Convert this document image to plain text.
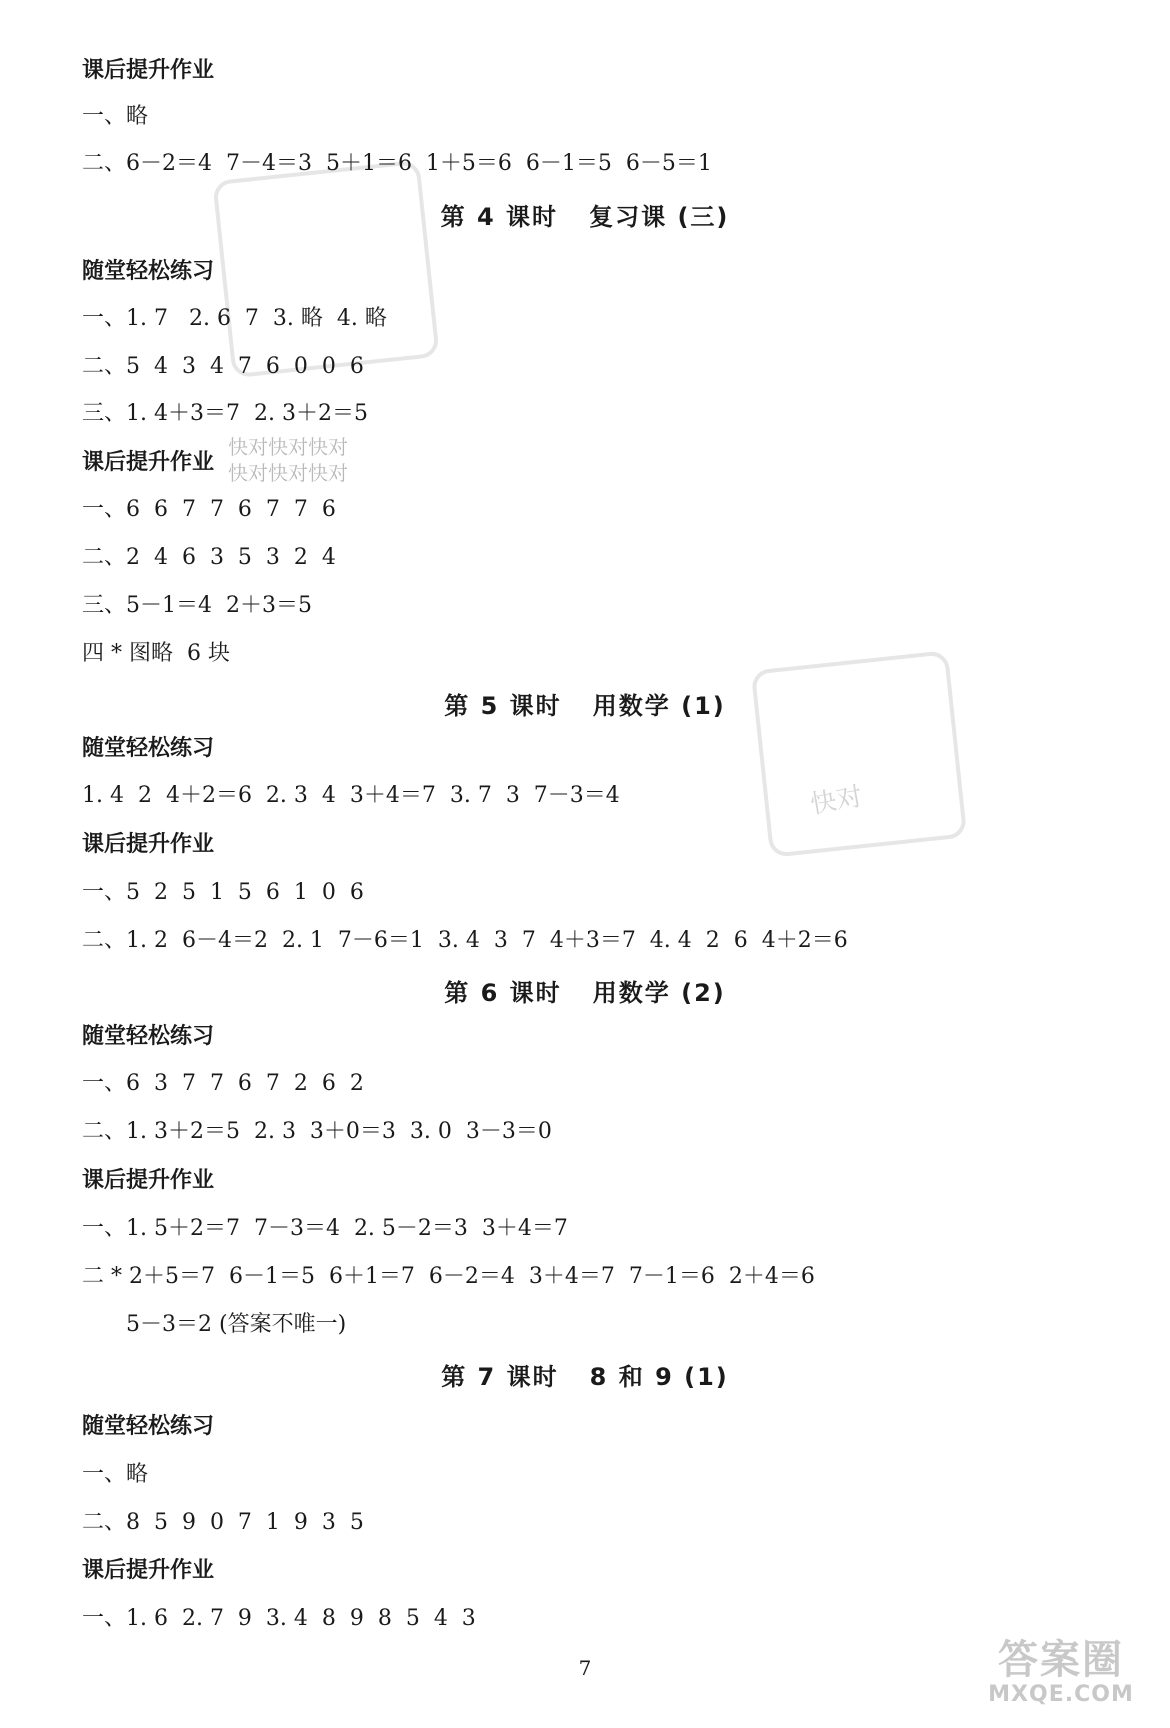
快对
快对快对快对
快对快对快对
课后提升作业
一、略
二、6－2＝4  7－4＝3  5＋1＝6  1＋5＝6  6－1＝5  6－5＝1
第 4 课时   复习课 (三)
随堂轻松练习
一、1. 7   2. 6  7  3. 略  4. 略
二、5  4  3  4  7  6  0  0  6
三、1. 4＋3＝7  2. 3＋2＝5
课后提升作业
一、6  6  7  7  6  7  7  6
二、2  4  6  3  5  3  2  4
三、5－1＝4  2＋3＝5
四 * 图略  6 块
第 5 课时   用数学 (1)
随堂轻松练习
1. 4  2  4＋2＝6  2. 3  4  3＋4＝7  3. 7  3  7－3＝4
课后提升作业
一、5  2  5  1  5  6  1  0  6
二、1. 2  6－4＝2  2. 1  7－6＝1  3. 4  3  7  4＋3＝7  4. 4  2  6  4＋2＝6
第 6 课时   用数学 (2)
随堂轻松练习
一、6  3  7  7  6  7  2  6  2
二、1. 3＋2＝5  2. 3  3＋0＝3  3. 0  3－3＝0
课后提升作业
一、1. 5＋2＝7  7－3＝4  2. 5－2＝3  3＋4＝7
二 * 2＋5＝7  6－1＝5  6＋1＝7  6－2＝4  3＋4＝7  7－1＝6  2＋4＝6
5－3＝2 (答案不唯一)
第 7 课时   8 和 9 (1)
随堂轻松练习
一、略
二、8  5  9  0  7  1  9  3  5
课后提升作业
一、1. 6  2. 7  9  3. 4  8  9  8  5  4  3
7	答案圈
MXQE.COM
